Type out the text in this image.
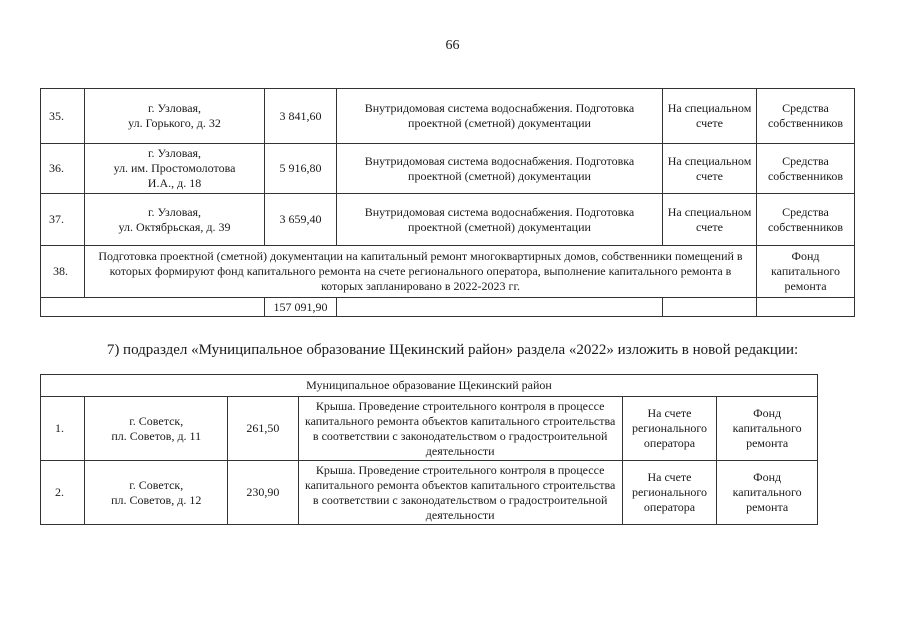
66
35.	г. Узловая,
ул. Горького, д. 32	3 841,60	Внутридомовая система водоснабжения. Подготовка проектной (сметной) документации	На специальном счете	Средства собственников
36.	г. Узловая,
ул. им. Простомолотова
И.А., д. 18	5 916,80	Внутридомовая система водоснабжения. Подготовка проектной (сметной) документации	На специальном счете	Средства собственников
37.	г. Узловая,
ул. Октябрьская, д. 39	3 659,40	Внутридомовая система водоснабжения. Подготовка проектной (сметной) документации	На специальном счете	Средства собственников
38.	Подготовка проектной (сметной) документации на капитальный ремонт многоквартирных домов, собственники помещений в которых формируют фонд капитального ремонта на счете регионального оператора, выполнение капитального ремонта в которых запланировано в 2022-2023 гг.				Фонд капитального ремонта
		157 091,90			
7) подраздел «Муниципальное образование Щекинский район» раздела «2022» изложить в новой редакции:
Муниципальное образование Щекинский район					
1.	г. Советск,
пл. Советов, д. 11	261,50	Крыша. Проведение строительного контроля в процессе капитального ремонта объектов капитального строительства в соответствии с законодательством о градостроительной деятельности	На счете регионального оператора	Фонд капитального ремонта
2.	г. Советск,
пл. Советов, д. 12	230,90	Крыша. Проведение строительного контроля в процессе капитального ремонта объектов капитального строительства в соответствии с законодательством о градостроительной деятельности	На счете регионального оператора	Фонд капитального ремонта
